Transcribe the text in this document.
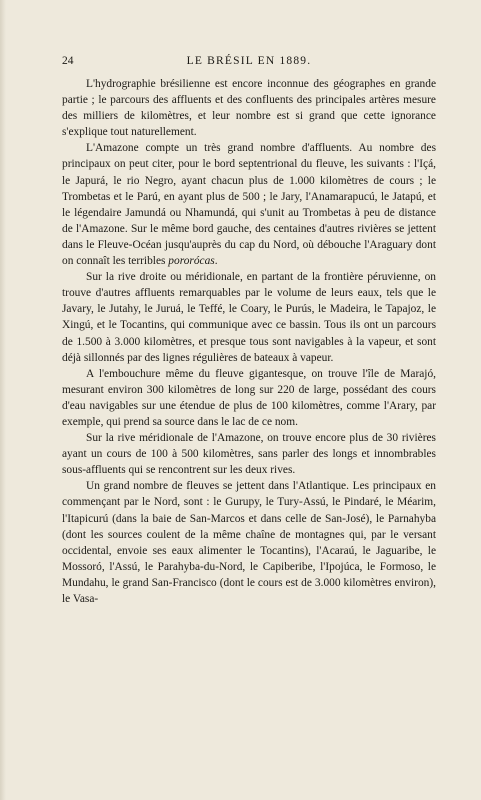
24	LE BRÉSIL EN 1889.

L'hydrographie brésilienne est encore inconnue des géographes en grande partie ; le parcours des affluents et des confluents des principales artères mesure des milliers de kilomètres, et leur nombre est si grand que cette ignorance s'explique tout naturellement.

L'Amazone compte un très grand nombre d'affluents. Au nombre des principaux on peut citer, pour le bord septentrional du fleuve, les suivants : l'Içá, le Japurá, le rio Negro, ayant chacun plus de 1.000 kilomètres de cours ; le Trombetas et le Parú, en ayant plus de 500 ; le Jary, l'Anamarapucú, le Jatapú, et le légendaire Jamundá ou Nhamundá, qui s'unit au Trombetas à peu de distance de l'Amazone. Sur le même bord gauche, des centaines d'autres rivières se jettent dans le Fleuve-Océan jusqu'auprès du cap du Nord, où débouche l'Araguary dont on connaît les terribles pororócas.

Sur la rive droite ou méridionale, en partant de la frontière péruvienne, on trouve d'autres affluents remarquables par le volume de leurs eaux, tels que le Javary, le Jutahy, le Juruá, le Teffé, le Coary, le Purús, le Madeira, le Tapajoz, le Xingú, et le Tocantins, qui communique avec ce bassin. Tous ils ont un parcours de 1.500 à 3.000 kilomètres, et presque tous sont navigables à la vapeur, et sont déjà sillonnés par des lignes régulières de bateaux à vapeur.

A l'embouchure même du fleuve gigantesque, on trouve l'île de Marajó, mesurant environ 300 kilomètres de long sur 220 de large, possédant des cours d'eau navigables sur une étendue de plus de 100 kilomètres, comme l'Arary, par exemple, qui prend sa source dans le lac de ce nom.

Sur la rive méridionale de l'Amazone, on trouve encore plus de 30 rivières ayant un cours de 100 à 500 kilomètres, sans parler des longs et innombrables sous-affluents qui se rencontrent sur les deux rives.

Un grand nombre de fleuves se jettent dans l'Atlantique. Les principaux en commençant par le Nord, sont : le Gurupy, le Tury-Assú, le Pindaré, le Méarim, l'Itapicurú (dans la baie de San-Marcos et dans celle de San-José), le Parnahyba (dont les sources coulent de la même chaîne de montagnes qui, par le versant occidental, envoie ses eaux alimenter le Tocantins), l'Acaraú, le Jaguaribe, le Mossoró, l'Assú, le Parahyba-du-Nord, le Capiberibe, l'Ipojúca, le Formoso, le Mundahu, le grand San-Francisco (dont le cours est de 3.000 kilomètres environ), le Vasa-
